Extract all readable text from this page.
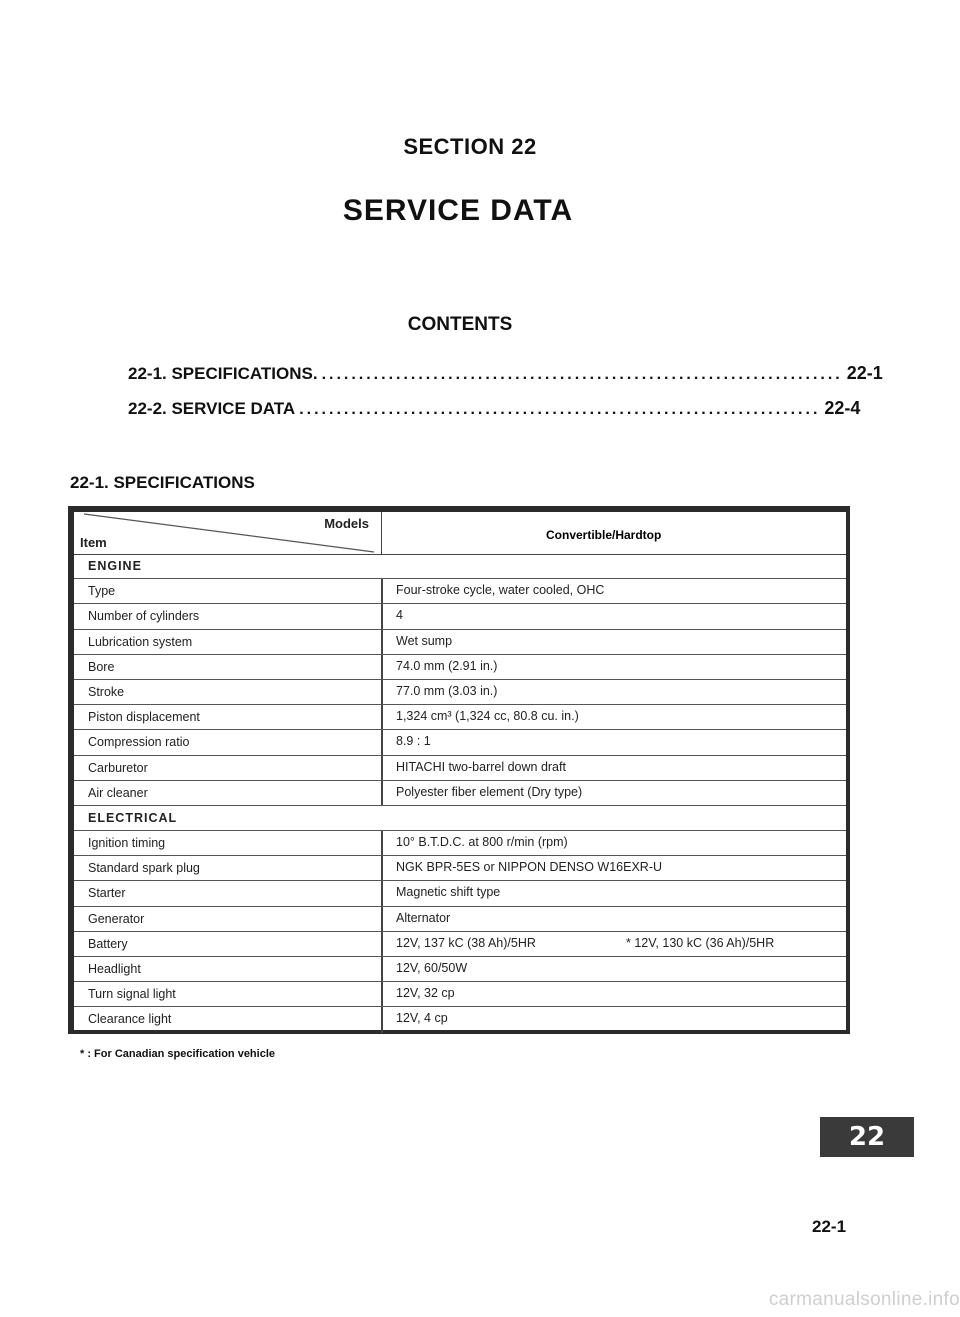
SECTION 22
SERVICE DATA
CONTENTS
22-1. SPECIFICATIONS. ...................................................................... 22-1
22-2. SERVICE DATA ...................................................................... 22-4
22-1. SPECIFICATIONS
Models
Item	Convertible/Hardtop
ENGINE
Type	Four-stroke cycle, water cooled, OHC
Number of cylinders	4
Lubrication system	Wet sump
Bore	74.0 mm (2.91 in.)
Stroke	77.0 mm (3.03 in.)
Piston displacement	1,324 cm³ (1,324 cc, 80.8 cu. in.)
Compression ratio	8.9 : 1
Carburetor	HITACHI two-barrel down draft
Air cleaner	Polyester fiber element (Dry type)
ELECTRICAL
Ignition timing	10° B.T.D.C. at 800 r/min (rpm)
Standard spark plug	NGK BPR-5ES or NIPPON DENSO W16EXR-U
Starter	Magnetic shift type
Generator	Alternator
Battery	12V, 137 kC (38 Ah)/5HR	* 12V, 130 kC (36 Ah)/5HR
Headlight	12V, 60/50W
Turn signal light	12V, 32 cp
Clearance light	12V, 4 cp
* : For Canadian specification vehicle
22
22-1
carmanualsonline.info
